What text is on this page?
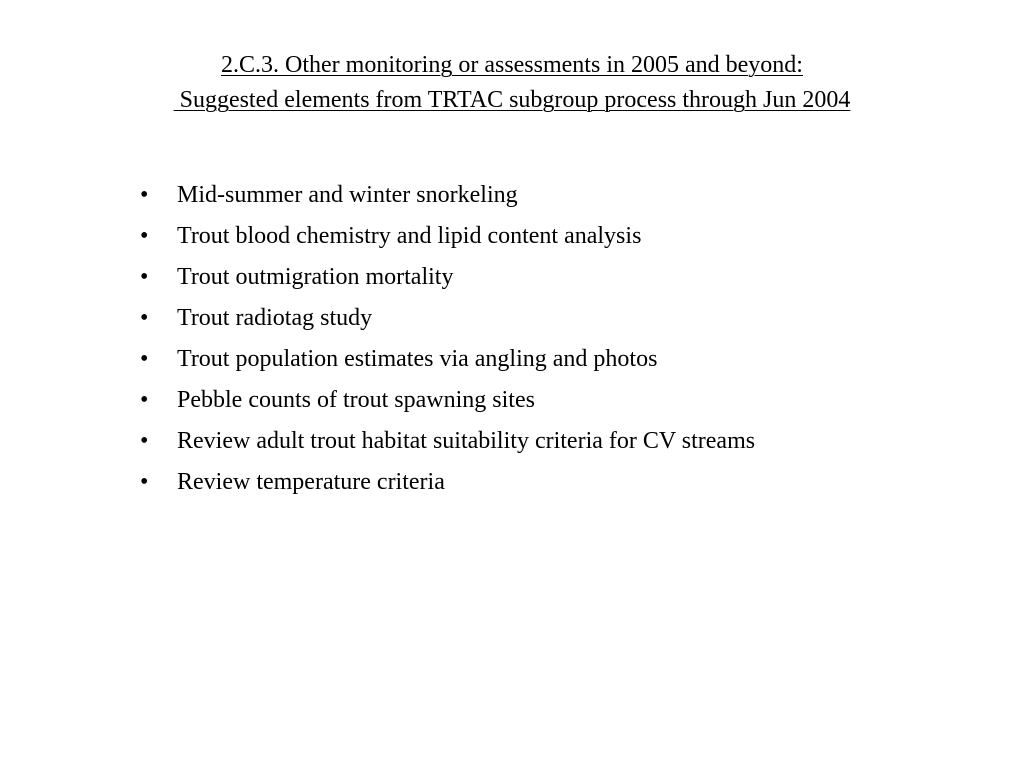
2.C.3. Other monitoring or assessments in 2005 and beyond:
Suggested elements from TRTAC subgroup process through Jun 2004
•	Mid-summer and winter snorkeling
•	Trout blood chemistry and lipid content analysis
•	Trout outmigration mortality
•	Trout radiotag study
•	Trout population estimates via angling and photos
•	Pebble counts of trout spawning sites
•	Review adult trout habitat suitability criteria for CV streams
•	Review temperature criteria
